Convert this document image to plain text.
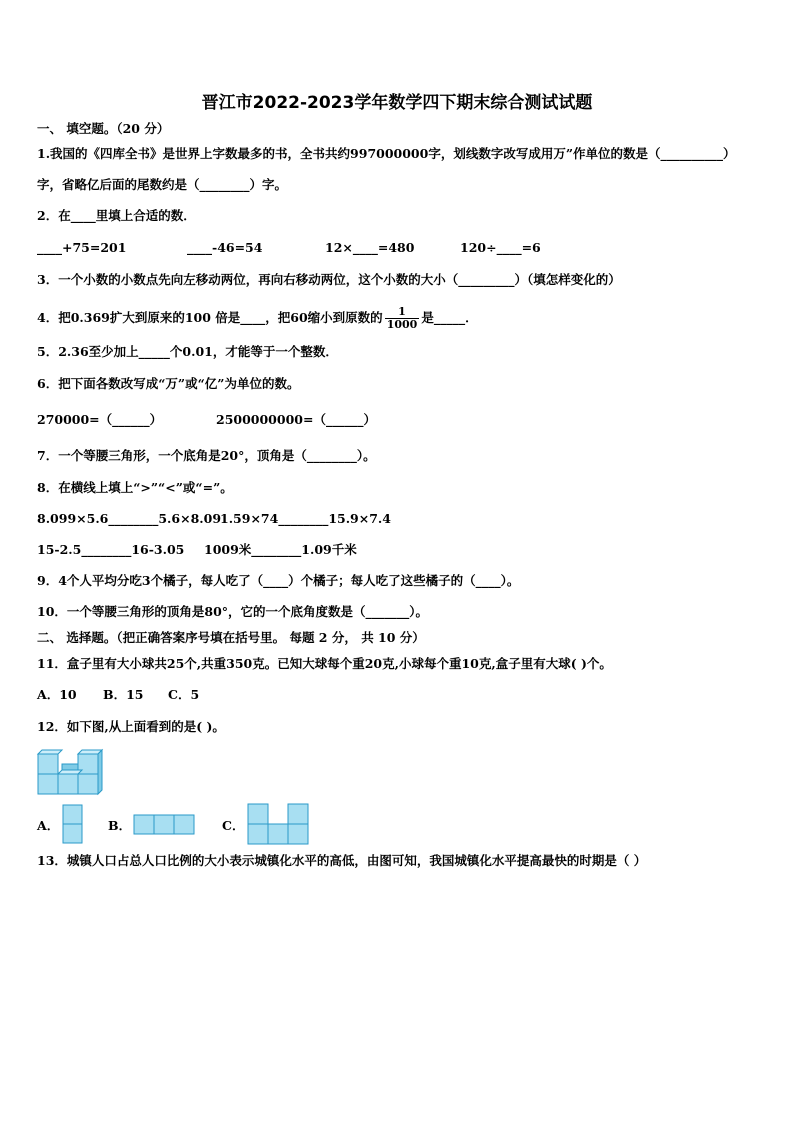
晋江市2022-2023学年数学四下期末综合测试试题
一、 填空题。（20 分）
1.我国的《四库全书》是世界上字数最多的书，全书共约997000000字，划线数字改写成用万”作单位的数是（__________）
字，省略亿后面的尾数约是（________）字。
2．在____里填上合适的数．
____+75=201	____-46=54	12×____=480	120÷____=6
3．一个小数的小数点先向左移动两位，再向右移动两位，这个小数的大小（_________）（填怎样变化的）
4．把0.369扩大到原来的100 倍是____，把60缩小到原数的 $\frac{1}{1000}$ 是_____．
5．2.36至少加上_____个0.01，才能等于一个整数．
6．把下面各数改写成“万”或“亿”为单位的数。
270000=（______）	2500000000=（______）
7．一个等腰三角形，一个底角是20°，顶角是（________）。
8．在横线上填上“>”“<”或“=”。
8.099×5.6________5.6×8.09
1.59×74________15.9×7.4
15-2.5________16-3.05 1009米________1.09千米
9．4个人平均分吃3个橘子，每人吃了（____）个橘子；每人吃了这些橘子的（____）。
10．一个等腰三角形的顶角是80°，它的一个底角度数是（_______）。
二、 选择题。（把正确答案序号填在括号里。 每题 2 分， 共 10 分）
11．盒子里有大小球共25个,共重350克。已知大球每个重20克,小球每个重10克,盒子里有大球( )个。
A．10 B．15 C．5
12．如下图,从上面看到的是( )。
A．	B．	C．
13．城镇人口占总人口比例的大小表示城镇化水平的高低，由图可知，我国城镇化水平提高最快的时期是（ ）
